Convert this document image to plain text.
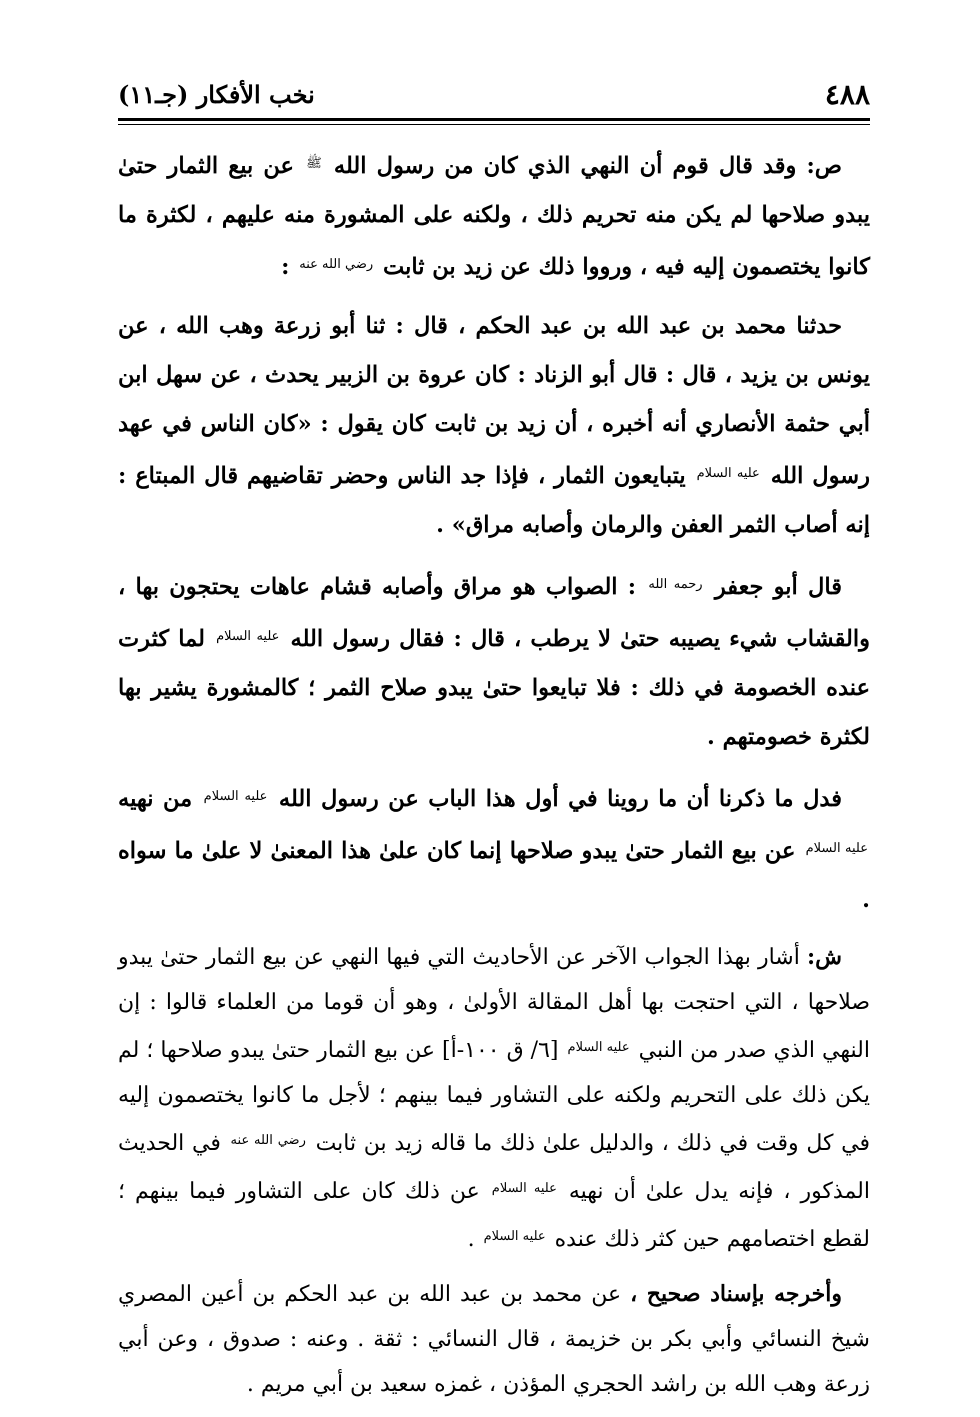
٤٨٨
نخب الأفكار (جـ١١)

ص: وقد قال قوم أن النهي الذي كان من رسول الله $^ﷺ$ عن بيع الثمار حتىٰ يبدو صلاحها لم يكن منه تحريم ذلك ، ولكنه على المشورة منه عليهم ، لكثرة ما كانوا يختصمون إليه فيه ، ورووا ذلك عن زيد بن ثابت $^{رضي الله عنه}$ :

حدثنا محمد بن عبد الله بن عبد الحكم ، قال : ثنا أبو زرعة وهب الله ، عن يونس بن يزيد ، قال : قال أبو الزناد : كان عروة بن الزبير يحدث ، عن سهل ابن أبي حثمة الأنصاري أنه أخبره ، أن زيد بن ثابت كان يقول : «كان الناس في عهد رسول الله $^{عليه السلام}$ يتبايعون الثمار ، فإذا جد الناس وحضر تقاضيهم قال المبتاع : إنه أصاب الثمر العفن والرمان وأصابه مراق» .

قال أبو جعفر $^{رحمه الله}$ : الصواب هو مراق وأصابه قشام عاهات يحتجون بها ، والقشاب شيء يصيبه حتىٰ لا يرطب ، قال : فقال رسول الله $^{عليه السلام}$ لما كثرت عنده الخصومة في ذلك : فلا تبايعوا حتىٰ يبدو صلاح الثمر ؛ كالمشورة يشير بها لكثرة خصومتهم .

فدل ما ذكرنا أن ما روينا في أول هذا الباب عن رسول الله $^{عليه السلام}$ من نهيه $^{عليه السلام}$ عن بيع الثمار حتىٰ يبدو صلاحها إنما كان علىٰ هذا المعنىٰ لا علىٰ ما سواه .

ش: أشار بهذا الجواب الآخر عن الأحاديث التي فيها النهي عن بيع الثمار حتىٰ يبدو صلاحها ، التي احتجت بها أهل المقالة الأولىٰ ، وهو أن قوما من العلماء قالوا : إن النهي الذي صدر من النبي $^{عليه السلام}$ [٦/ ق ١٠٠-أ] عن بيع الثمار حتىٰ يبدو صلاحها ؛ لم يكن ذلك على التحريم ولكنه على التشاور فيما بينهم ؛ لأجل ما كانوا يختصمون إليه في كل وقت في ذلك ، والدليل علىٰ ذلك ما قاله زيد بن ثابت $^{رضي الله عنه}$ في الحديث المذكور ، فإنه يدل علىٰ أن نهيه $^{عليه السلام}$ عن ذلك كان على التشاور فيما بينهم ؛ لقطع اختصامهم حين كثر ذلك عنده $^{عليه السلام}$ .

وأخرجه بإسناد صحيح ، عن محمد بن عبد الله بن عبد الحكم بن أعين المصري شيخ النسائي وأبي بكر بن خزيمة ، قال النسائي : ثقة . وعنه : صدوق ، وعن أبي زرعة وهب الله بن راشد الحجري المؤذن ، غمزه سعيد بن أبي مريم .
